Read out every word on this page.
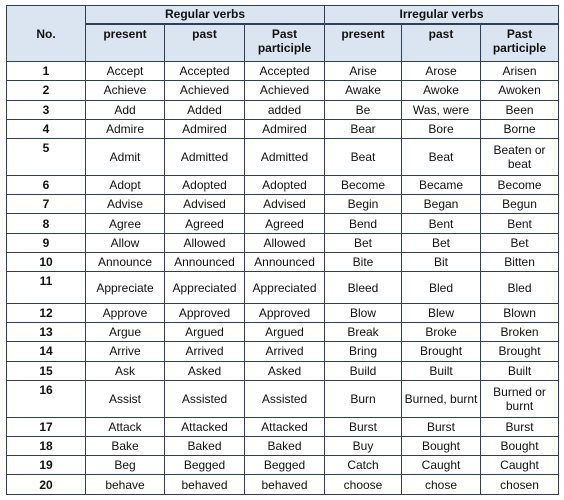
No.	Regular verbs			Irregular verbs		
	present	past	Past participle	present	past	Past participle
1	Accept	Accepted	Accepted	Arise	Arose	Arisen
2	Achieve	Achieved	Achieved	Awake	Awoke	Awoken
3	Add	Added	added	Be	Was, were	Been
4	Admire	Admired	Admired	Bear	Bore	Borne
5	Admit	Admitted	Admitted	Beat	Beat	Beaten or beat
6	Adopt	Adopted	Adopted	Become	Became	Become
7	Advise	Advised	Advised	Begin	Began	Begun
8	Agree	Agreed	Agreed	Bend	Bent	Bent
9	Allow	Allowed	Allowed	Bet	Bet	Bet
10	Announce	Announced	Announced	Bite	Bit	Bitten
11	Appreciate	Appreciated	Appreciated	Bleed	Bled	Bled
12	Approve	Approved	Approved	Blow	Blew	Blown
13	Argue	Argued	Argued	Break	Broke	Broken
14	Arrive	Arrived	Arrived	Bring	Brought	Brought
15	Ask	Asked	Asked	Build	Built	Built
16	Assist	Assisted	Assisted	Burn	Burned, burnt	Burned or burnt
17	Attack	Attacked	Attacked	Burst	Burst	Burst
18	Bake	Baked	Baked	Buy	Bought	Bought
19	Beg	Begged	Begged	Catch	Caught	Caught
20	behave	behaved	behaved	choose	chose	chosen
